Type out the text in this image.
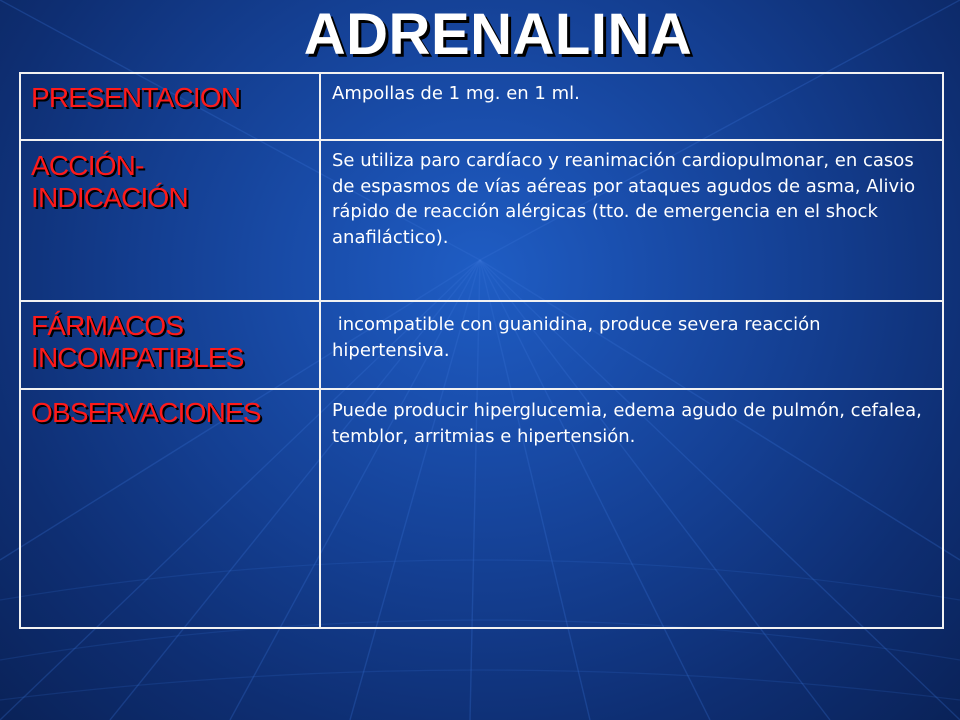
ADRENALINA
PRESENTACION	Ampollas de 1 mg. en 1 ml.
ACCIÓN-
INDICACIÓN
Se utiliza paro cardíaco y reanimación cardiopulmonar, en casos de espasmos de vías aéreas por ataques agudos de asma, Alivio rápido de reacción alérgicas (tto. de emergencia en el shock anafiláctico).
FÁRMACOS
INCOMPATIBLES
incompatible con guanidina, produce severa reacción hipertensiva.
OBSERVACIONES	Puede producir hiperglucemia, edema agudo de pulmón, cefalea, temblor, arritmias e hipertensión.
